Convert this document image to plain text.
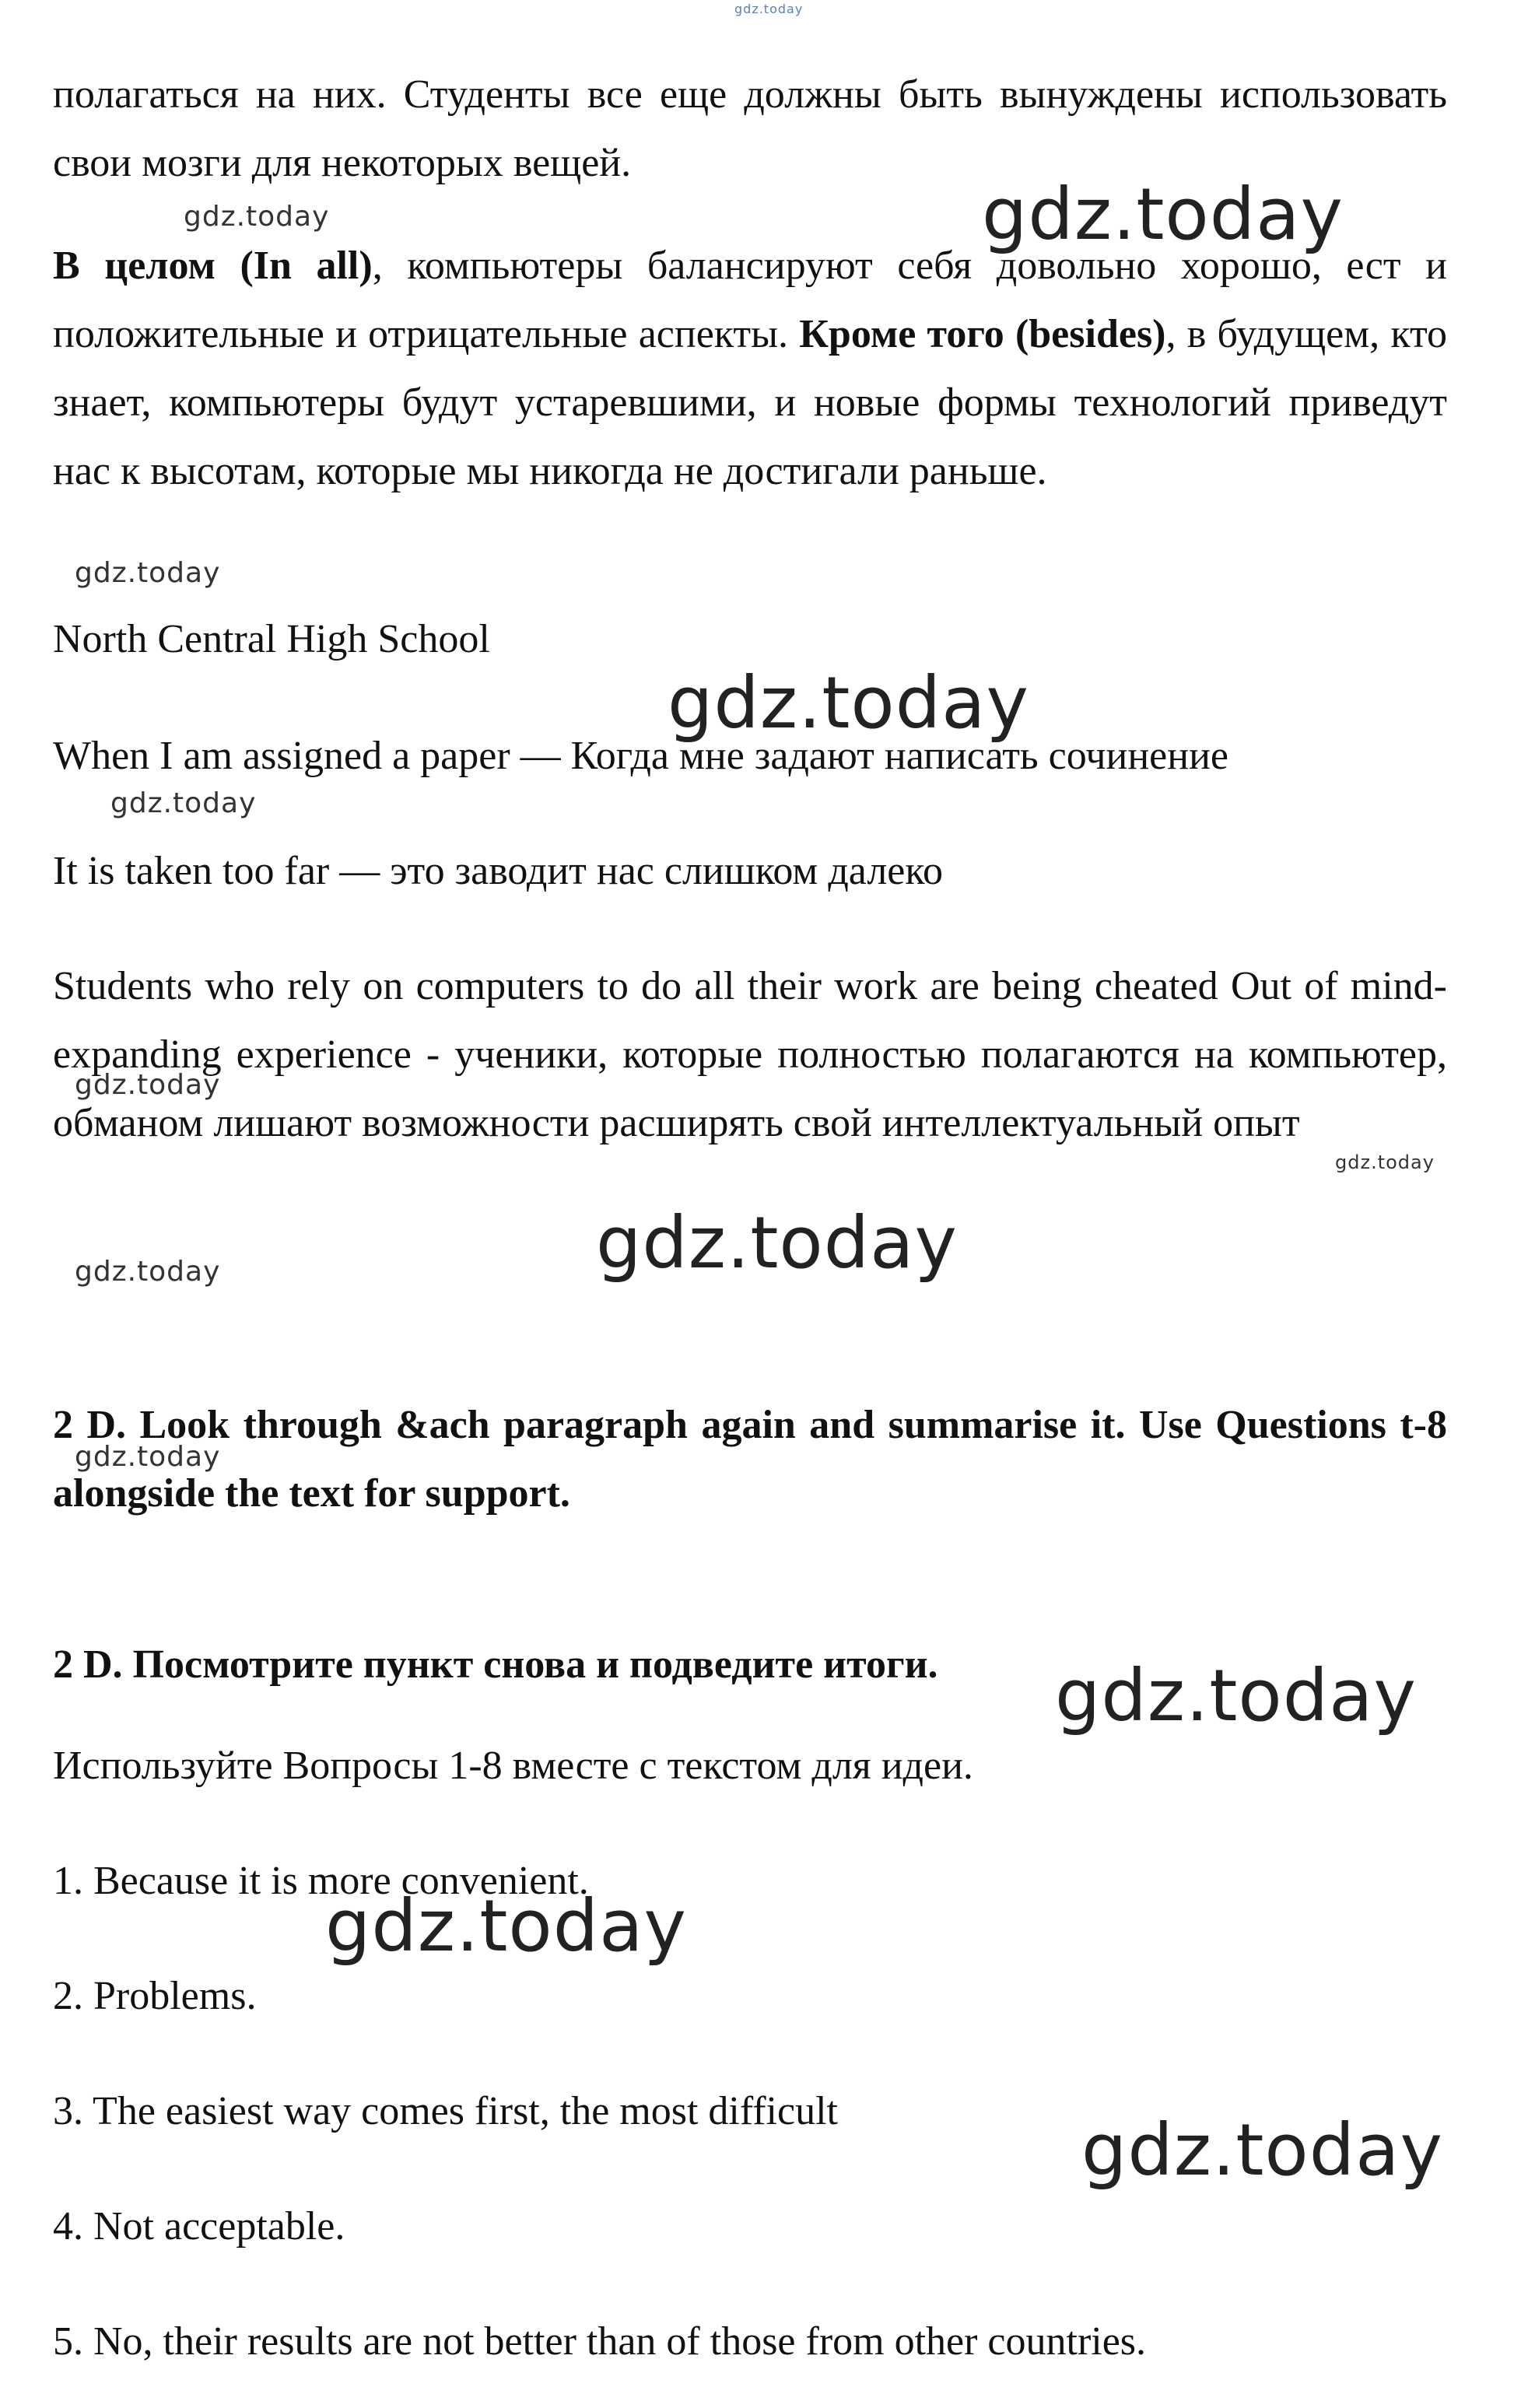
gdz.today

полагаться на них. Студенты все еще должны быть вынуждены использовать свои мозги для некоторых вещей.

В целом (In all), компьютеры балансируют себя довольно хорошо, ест и положительные и отрицательные аспекты. Кроме того (besides), в будущем, кто знает, компьютеры будут устаревшими, и новые формы технологий приведут нас к высотам, которые мы никогда не достигали раньше.

North Central High School

When I am assigned a paper — Когда мне задают написать сочинение

It is taken too far — это заводит нас слишком далеко

Students who rely on computers to do all their work are being cheated Out of mind-expanding experience - ученики, которые полностью полагаются на компьютер, обманом лишают возможности расширять свой интеллектуальный опыт

2 D. Look through &ach paragraph again and summarise it. Use Questions t-8 alongside the text for support.

2 D. Посмотрите пункт снова и подведите итоги.

Используйте Вопросы 1-8 вместе с текстом для идеи.

1. Because it is more convenient.

2. Problems.

3. The easiest way comes first, the most difficult

4. Not acceptable.

5. No, their results are not better than of those from other countries.

gdz.today	gdz.today
gdz.today
gdz.today
gdz.today
gdz.today
gdz.today
gdz.today
gdz.today
gdz.today
gdz.today
gdz.today
gdz.today
